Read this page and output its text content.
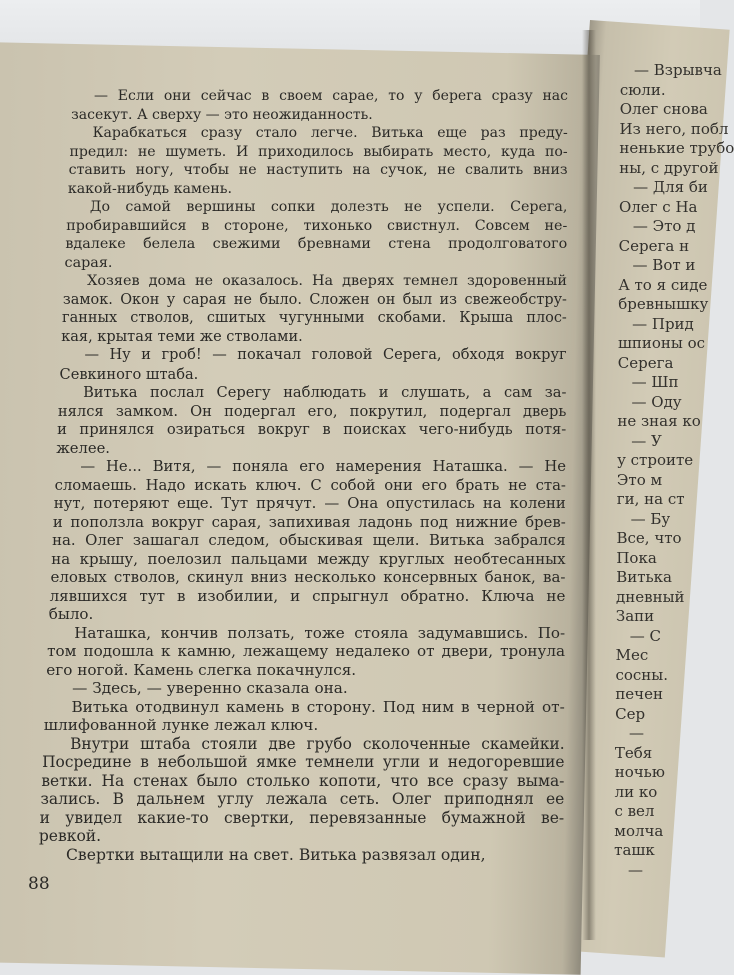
— Взрывча
сюли.
Олег снова
Из него, побл
ненькие трубо
ны, с другой
— Для би
Олег с На
— Это д
Серега н
— Вот и
А то я сиде
бревнышку
— Прид
шпионы ос
Серега
— Шп
— Оду
не зная ко
— У
у строите
Это м
ги, на ст
— Бу
Все, что
Пока
Витька
дневный
Запи
— С
Мес
сосны.
печен
Сер
—
Тебя
ночью
ли ко
с вел
молча
ташк
—
— Если они сейчас в своем сарае, то у берега сразу нас
засекут. А сверху — это неожиданность.
Карабкаться сразу стало легче. Витька еще раз преду-
предил: не шуметь. И приходилось выбирать место, куда по-
ставить ногу, чтобы не наступить на сучок, не свалить вниз
какой-нибудь камень.
До самой вершины сопки долезть не успели. Серега,
пробиравшийся в стороне, тихонько свистнул. Совсем не-
вдалеке белела свежими бревнами стена продолговатого
сарая.
Хозяев дома не оказалось. На дверях темнел здоровенный
замок. Окон у сарая не было. Сложен он был из свежеобстру-
ганных стволов, сшитых чугунными скобами. Крыша плос-
кая, крытая теми же стволами.
— Ну и гроб! — покачал головой Серега, обходя вокруг
Севкиного штаба.
Витька послал Серегу наблюдать и слушать, а сам за-
нялся замком. Он подергал его, покрутил, подергал дверь
и принялся озираться вокруг в поисках чего-нибудь потя-
желее.
— Не... Витя, — поняла его намерения Наташка. — Не
сломаешь. Надо искать ключ. С собой они его брать не ста-
нут, потеряют еще. Тут прячут. — Она опустилась на колени
и поползла вокруг сарая, запихивая ладонь под нижние брев-
на. Олег зашагал следом, обыскивая щели. Витька забрался
на крышу, поелозил пальцами между круглых необтесанных
еловых стволов, скинул вниз несколько консервных банок, ва-
лявшихся тут в изобилии, и спрыгнул обратно. Ключа не
было.
Наташка, кончив ползать, тоже стояла задумавшись. По-
том подошла к камню, лежащему недалеко от двери, тронула
его ногой. Камень слегка покачнулся.
— Здесь, — уверенно сказала она.
Витька отодвинул камень в сторону. Под ним в черной от-
шлифованной лунке лежал ключ.
Внутри штаба стояли две грубо сколоченные скамейки.
Посредине в небольшой ямке темнели угли и недогоревшие
ветки. На стенах было столько копоти, что все сразу выма-
зались. В дальнем углу лежала сеть. Олег приподнял ее
и увидел какие-то свертки, перевязанные бумажной ве-
ревкой.
Свертки вытащили на свет. Витька развязал один,
88
